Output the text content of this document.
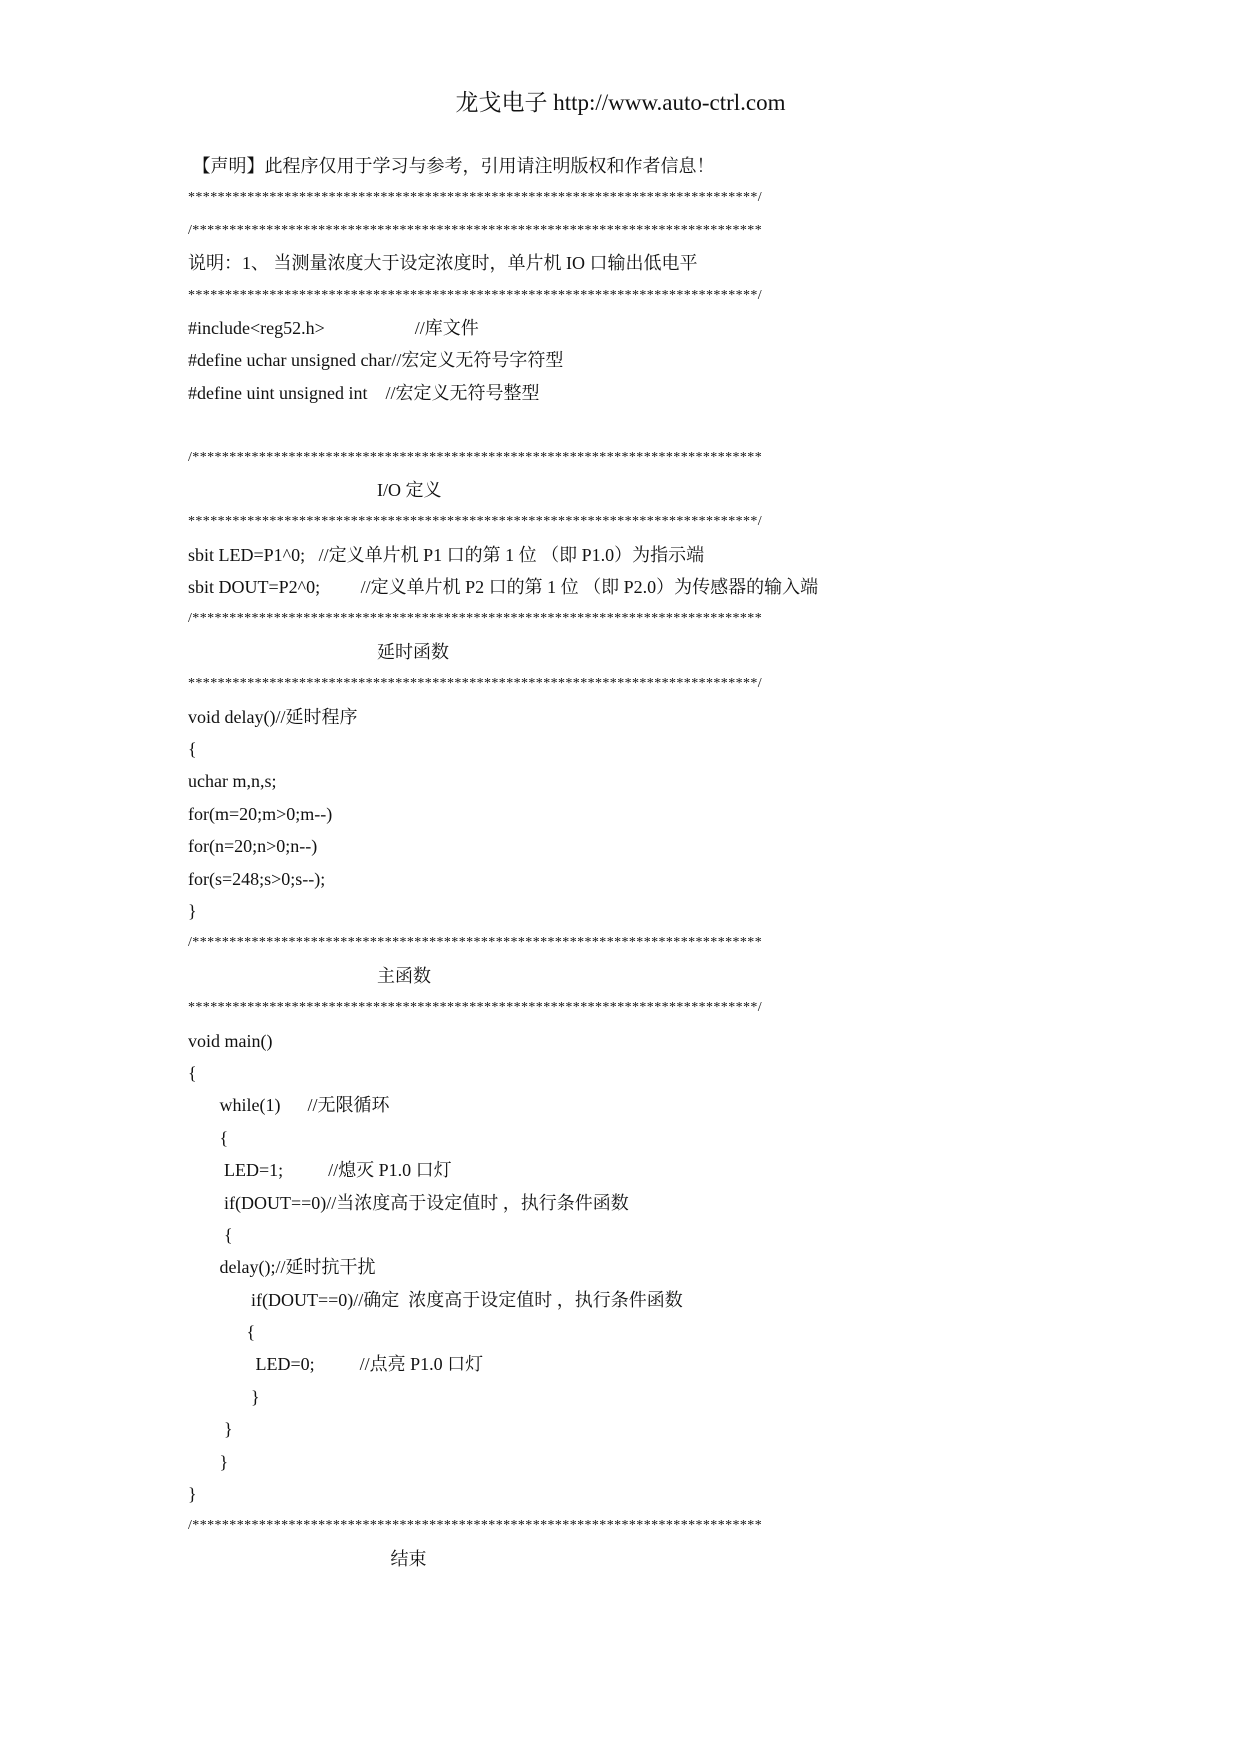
龙戈电子 http://www.auto-ctrl.com
【声明】此程序仅用于学习与参考，引用请注明版权和作者信息！
*****************************************************************************/
/*****************************************************************************
说明：1、 当测量浓度大于设定浓度时，单片机 IO 口输出低电平
*****************************************************************************/
#include<reg52.h>                    //库文件
#define uchar unsigned char//宏定义无符号字符型
#define uint unsigned int    //宏定义无符号整型
/*****************************************************************************
I/O 定义
*****************************************************************************/
sbit LED=P1^0;   //定义单片机 P1 口的第 1 位 （即 P1.0）为指示端
sbit DOUT=P2^0;         //定义单片机 P2 口的第 1 位 （即 P2.0）为传感器的输入端
/*****************************************************************************
延时函数
*****************************************************************************/
void delay()//延时程序
{
uchar m,n,s;
for(m=20;m>0;m--)
for(n=20;n>0;n--)
for(s=248;s>0;s--);
}
/*****************************************************************************
主函数
*****************************************************************************/
void main()
{
while(1)      //无限循环
{
LED=1;          //熄灭 P1.0 口灯
if(DOUT==0)//当浓度高于设定值时 ，执行条件函数
{
delay();//延时抗干扰
if(DOUT==0)//确定  浓度高于设定值时 ，执行条件函数
{
LED=0;          //点亮 P1.0 口灯
}
}
}
}
/*****************************************************************************
结束
